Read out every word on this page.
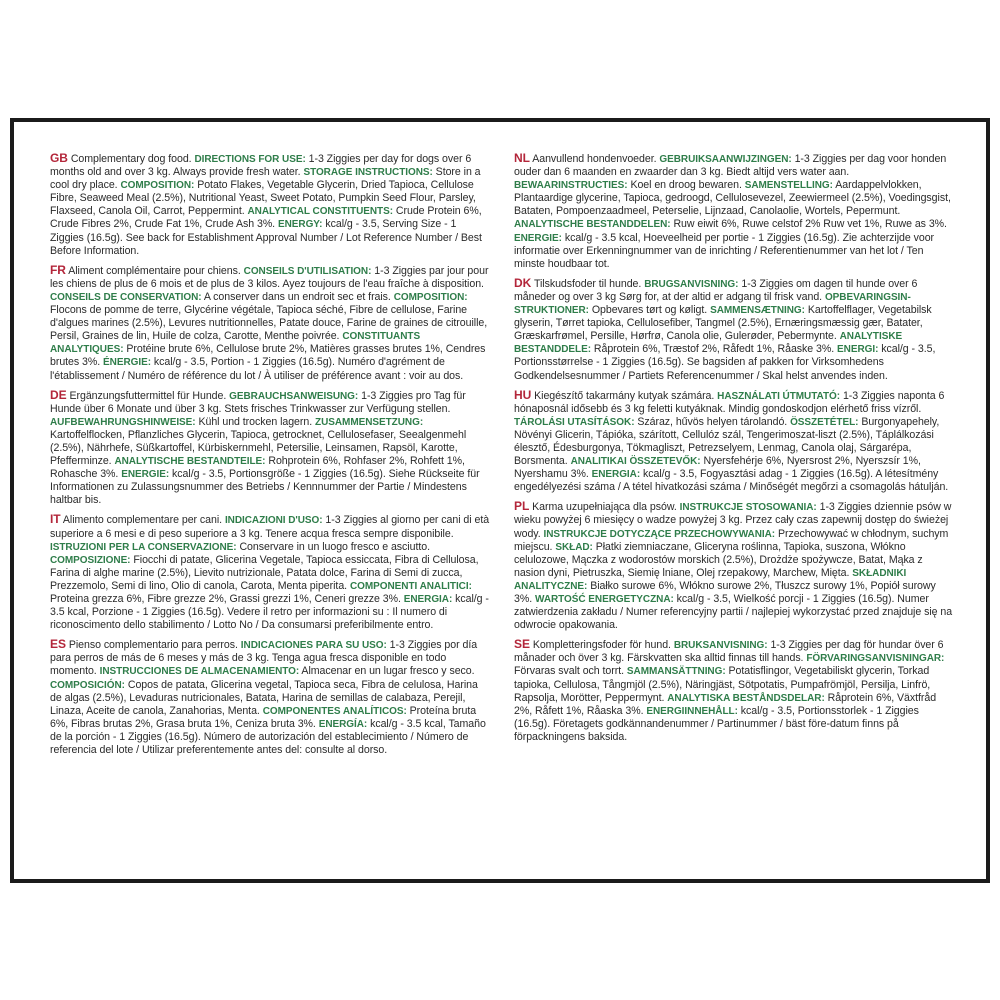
GB Complementary dog food. DIRECTIONS FOR USE: 1-3 Ziggies per day for dogs over 6 months old and over 3 kg. Always provide fresh water. STORAGE INSTRUCTIONS: Store in a cool dry place. COMPOSITION: Potato Flakes, Vegetable Glycerin, Dried Tapioca, Cellulose Fibre, Seaweed Meal (2.5%), Nutritional Yeast, Sweet Potato, Pumpkin Seed Flour, Parsley, Flaxseed, Canola Oil, Carrot, Peppermint. ANALYTICAL CONSTITUENTS: Crude Protein 6%, Crude Fibres 2%, Crude Fat 1%, Crude Ash 3%. ENERGY: kcal/g - 3.5, Serving Size - 1 Ziggies (16.5g). See back for Establishment Approval Number / Lot Reference Number / Best Before Information.

FR Aliment complémentaire pour chiens. CONSEILS D'UTILISATION: 1-3 Ziggies par jour pour les chiens de plus de 6 mois et de plus de 3 kilos. Ayez toujours de l'eau fraîche à disposition. CONSEILS DE CONSERVATION: A conserver dans un endroit sec et frais. COMPOSITION: Flocons de pomme de terre, Glycérine végétale, Tapioca séché, Fibre de cellulose, Farine d'algues marines (2.5%), Levures nutritionnelles, Patate douce, Farine de graines de citrouille, Persil, Graines de lin, Huile de colza, Carotte, Menthe poivrée. CONSTITUANTS ANALYTIQUES: Protéine brute 6%, Cellulose brute 2%, Matières grasses brutes 1%, Cendres brutes 3%. ÉNERGIE: kcal/g - 3.5, Portion - 1 Ziggies (16.5g). Numéro d'agrément de l'établissement / Numéro de référence du lot / À utiliser de préférence avant : voir au dos.

DE Ergänzungsfuttermittel für Hunde. GEBRAUCHSANWEISUNG: 1-3 Ziggies pro Tag für Hunde über 6 Monate und über 3 kg. Stets frisches Trinkwasser zur Verfügung stellen. AUFBEWAHRUNGSHINWEISE: Kühl und trocken lagern. ZUSAMMENSETZUNG: Kartoffelflocken, Pflanzliches Glycerin, Tapioca, getrocknet, Cellulosefaser, Seealgenmehl (2.5%), Nährhefe, Süßkartoffel, Kürbiskernmehl, Petersilie, Leinsamen, Rapsöl, Karotte, Pfefferminze. ANALYTISCHE BESTANDTEILE: Rohprotein 6%, Rohfaser 2%, Rohfett 1%, Rohasche 3%. ENERGIE: kcal/g - 3.5, Portionsgröße - 1 Ziggies (16.5g). Siehe Rückseite für Informationen zu Zulassungsnummer des Betriebs / Kennnummer der Partie / Mindestens haltbar bis.

IT Alimento complementare per cani. INDICAZIONI D'USO: 1-3 Ziggies al giorno per cani di età superiore a 6 mesi e di peso superiore a 3 kg. Tenere acqua fresca sempre disponibile. ISTRUZIONI PER LA CONSERVAZIONE: Conservare in un luogo fresco e asciutto. COMPOSIZIONE: Fiocchi di patate, Glicerina Vegetale, Tapioca essiccata, Fibra di Cellulosa, Farina di alghe marine (2.5%), Lievito nutrizionale, Patata dolce, Farina di Semi di zucca, Prezzemolo, Semi di lino, Olio di canola, Carota, Menta piperita. COMPONENTI ANALITICI: Proteina grezza 6%, Fibre grezze 2%, Grassi grezzi 1%, Ceneri grezze 3%. ENERGIA: kcal/g - 3.5 kcal, Porzione - 1 Ziggies (16.5g). Vedere il retro per informazioni su : Il numero di riconoscimento dello stabilimento / Lotto No / Da consumarsi preferibilmente entro.

ES Pienso complementario para perros. INDICACIONES PARA SU USO: 1-3 Ziggies por día para perros de más de 6 meses y más de 3 kg. Tenga agua fresca disponible en todo momento. INSTRUCCIONES DE ALMACENAMIENTO: Almacenar en un lugar fresco y seco. COMPOSICIÓN: Copos de patata, Glicerina vegetal, Tapioca seca, Fibra de celulosa, Harina de algas (2.5%), Levaduras nutricionales, Batata, Harina de semillas de calabaza, Perejil, Linaza, Aceite de canola, Zanahorias, Menta. COMPONENTES ANALÍTICOS: Proteína bruta 6%, Fibras brutas 2%, Grasa bruta 1%, Ceniza bruta 3%. ENERGÍA: kcal/g - 3.5 kcal, Tamaño de la porción - 1 Ziggies (16.5g). Número de autorización del establecimiento / Número de referencia del lote / Utilizar preferentemente antes del: consulte al dorso.

NL Aanvullend hondenvoeder. GEBRUIKSAANWIJZINGEN: 1-3 Ziggies per dag voor honden ouder dan 6 maanden en zwaarder dan 3 kg. Biedt altijd vers water aan. BEWAARINSTRUCTIES: Koel en droog bewaren. SAMENSTELLING: Aardappelvlokken, Plantaardige glycerine, Tapioca, gedroogd, Cellulosevezel, Zeewiermeel (2.5%), Voedingsgist, Bataten, Pompoenzaadmeel, Peterselie, Lijnzaad, Canolaolie, Wortels, Pepermunt. ANALYTISCHE BESTANDDELEN: Ruw eiwit 6%, Ruwe celstof 2% Ruw vet 1%, Ruwe as 3%. ENERGIE: kcal/g - 3.5 kcal, Hoeveelheid per portie - 1 Ziggies (16.5g). Zie achterzijde voor informatie over Erkenningnummer van de inrichting / Referentienummer van het lot / Ten minste houdbaar tot.

DK Tilskudsfoder til hunde. BRUGSANVISNING: 1-3 Ziggies om dagen til hunde over 6 måneder og over 3 kg Sørg for, at der altid er adgang til frisk vand. OPBEVARINGSIN-STRUKTIONER: Opbevares tørt og køligt. SAMMENSÆTNING: Kartoffelflager, Vegetabilsk glyserin, Tørret tapioka, Cellulosefiber, Tangmel (2.5%), Ernæringsmæssig gær, Batater, Græskarfrømel, Persille, Hørfrø, Canola olie, Gulerøder, Pebermynte. ANALYTISKE BESTANDDELE: Råprotein 6%, Træstof 2%, Råfedt 1%, Råaske 3%. ENERGI: kcal/g - 3.5, Portionsstørrelse - 1 Ziggies (16.5g). Se bagsiden af pakken for Virksomhedens Godkendelsesnummer / Partiets Referencenummer / Skal helst anvendes inden.

HU Kiegészítő takarmány kutyak számára. HASZNÁLATI ÚTMUTATÓ: 1-3 Ziggies naponta 6 hónaposnál idősebb és 3 kg feletti kutyáknak. Mindig gondoskodjon elérhető friss vízről. TÁROLÁSI UTASÍTÁSOK: Száraz, hűvös helyen tárolandó. ÖSSZETÉTEL: Burgonyapehely, Növényi Glicerin, Tápióka, szárított, Cellulóz szál, Tengerimoszat-liszt (2.5%), Táplálkozási élesztő, Édesburgonya, Tökmagliszt, Petrezselyem, Lenmag, Canola olaj, Sárgarépa, Borsmenta. ANALITIKAI ÖSSZETEVŐK: Nyersfehérje 6%, Nyersrost 2%, Nyerszsír 1%, Nyershamu 3%. ENERGIA: kcal/g - 3.5, Fogyasztási adag - 1 Ziggies (16.5g). A létesítmény engedélyezési száma / A tétel hivatkozási száma / Minőségét megőrzi a csomagolás hátulján.

PL Karma uzupełniająca dla psów. INSTRUKCJE STOSOWANIA: 1-3 Ziggies dziennie psów w wieku powyżej 6 miesięcy o wadze powyżej 3 kg. Przez cały czas zapewnij dostęp do świeżej wody. INSTRUKCJE DOTYCZĄCE PRZECHOWYWANIA: Przechowywać w chłodnym, suchym miejscu. SKŁAD: Płatki ziemniaczane, Gliceryna roślinna, Tapioka, suszona, Włókno celulozowe, Mączka z wodorostów morskich (2.5%), Drożdże spożywcze, Batat, Mąka z nasion dyni, Pietruszka, Siemię lniane, Olej rzepakowy, Marchew, Mięta. SKŁADNIKI ANALITYCZNE: Białko surowe 6%, Włókno surowe 2%, Tłuszcz surowy 1%, Popiół surowy 3%. WARTOŚĆ ENERGETYCZNA: kcal/g - 3.5, Wielkość porcji - 1 Ziggies (16.5g). Numer zatwierdzenia zakładu / Numer referencyjny partii / najlepiej wykorzystać przed znajduje się na odwrocie opakowania.

SE Kompletteringsfoder för hund. BRUKSANVISNING: 1-3 Ziggies per dag för hundar över 6 månader och över 3 kg. Färskvatten ska alltid finnas till hands. FÖRVARINGSANVISNINGAR: Förvaras svalt och torrt. SAMMANSÄTTNING: Potatisflingor, Vegetabiliskt glycerin, Torkad tapioka, Cellulosa, Tångmjöl (2.5%), Näringjäst, Sötpotatis, Pumpafrömjöl, Persilja, Linfrö, Rapsolja, Morötter, Peppermynt. ANALYTISKA BESTÅNDSDELAR: Råprotein 6%, Växtfråd 2%, Råfett 1%, Råaska 3%. ENERGIINNEHÅLL: kcal/g - 3.5, Portionsstorlek - 1 Ziggies (16.5g). Företagets godkännandenummer / Partinummer / bäst före-datum finns på förpackningens baksida.
